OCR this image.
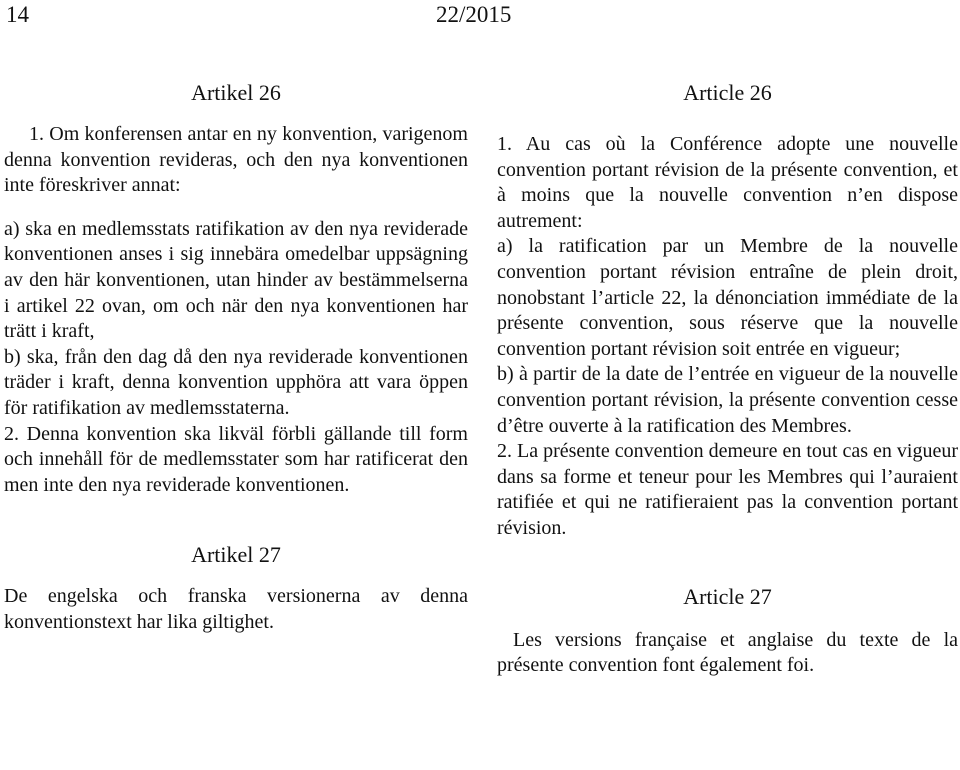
14	22/2015
Artikel 26

1. Om konferensen antar en ny konvention, varigenom denna konvention revideras, och den nya konventionen inte föreskriver annat:

a) ska en medlemsstats ratifikation av den nya reviderade konventionen anses i sig innebära omedelbar uppsägning av den här konventionen, utan hinder av bestämmelserna i artikel 22 ovan, om och när den nya konventionen har trätt i kraft,

b) ska, från den dag då den nya reviderade konventionen träder i kraft, denna konvention upphöra att vara öppen för ratifikation av medlemsstaterna.

2. Denna konvention ska likväl förbli gällande till form och innehåll för de medlemsstater som har ratificerat den men inte den nya reviderade konventionen.

Artikel 27

De engelska och franska versionerna av denna konventionstext har lika giltighet.

Article 26

1. Au cas où la Conférence adopte une nouvelle convention portant révision de la présente convention, et à moins que la nouvelle convention n’en dispose autrement:

a) la ratification par un Membre de la nouvelle convention portant révision entraîne de plein droit, nonobstant l’article 22, la dénonciation immédiate de la présente convention, sous réserve que la nouvelle convention portant révision soit entrée en vigueur;

b) à partir de la date de l’entrée en vigueur de la nouvelle convention portant révision, la présente convention cesse d’être ouverte à la ratification des Membres.

2. La présente convention demeure en tout cas en vigueur dans sa forme et teneur pour les Membres qui l’auraient ratifiée et qui ne ratifieraient pas la convention portant révision.

Article 27

Les versions française et anglaise du texte de la présente convention font également foi.
